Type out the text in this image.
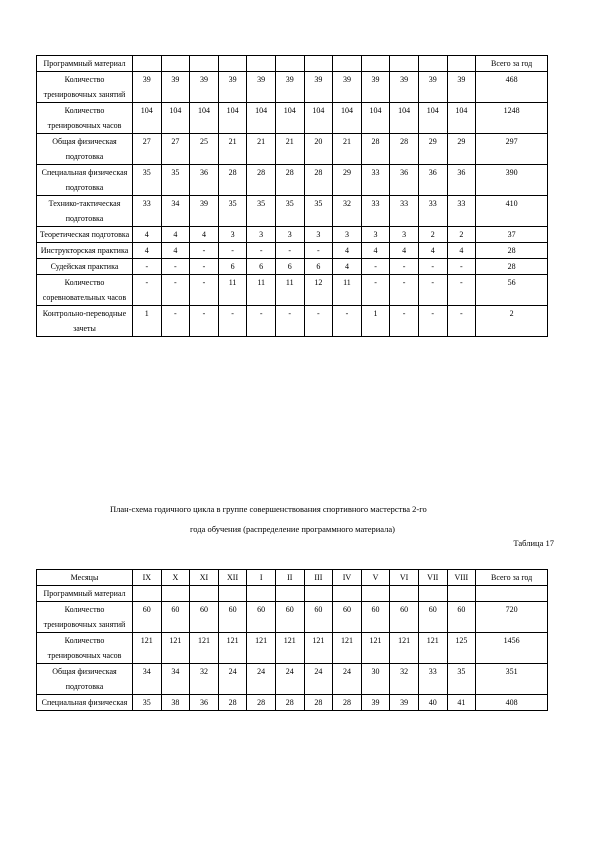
Программный материал													Всего за год
Количество тренировочных занятий	39	39	39	39	39	39	39	39	39	39	39	39	468
Количество тренировочных часов	104	104	104	104	104	104	104	104	104	104	104	104	1248
Общая физическая подготовка	27	27	25	21	21	21	20	21	28	28	29	29	297
Специальная физическая подготовка	35	35	36	28	28	28	28	29	33	36	36	36	390
Технико-тактическая подготовка	33	34	39	35	35	35	35	32	33	33	33	33	410
Теоретическая подготовка	4	4	4	3	3	3	3	3	3	3	2	2	37
Инструкторская практика	4	4	-	-	-	-	-	4	4	4	4	4	28
Судейская практика	-	-	-	6	6	6	6	4	-	-	-	-	28
Количество соревновательных часов	-	-	-	11	11	11	12	11	-	-	-	-	56
Контрольно-переводные зачеты	1	-	-	-	-	-	-	-	1	-	-	-	2
План-схема годичного цикла в группе совершенствования спортивного мастерства 2-го
года обучения (распределение программного материала)
Таблица 17
Месяцы	IX	X	XI	XII	I	II	III	IV	V	VI	VII	VIII	Всего за год
Программный материал													
Количество тренировочных занятий	60	60	60	60	60	60	60	60	60	60	60	60	720
Количество тренировочных часов	121	121	121	121	121	121	121	121	121	121	121	125	1456
Общая физическая подготовка	34	34	32	24	24	24	24	24	30	32	33	35	351
Специальная физическая	35	38	36	28	28	28	28	28	39	39	40	41	408
